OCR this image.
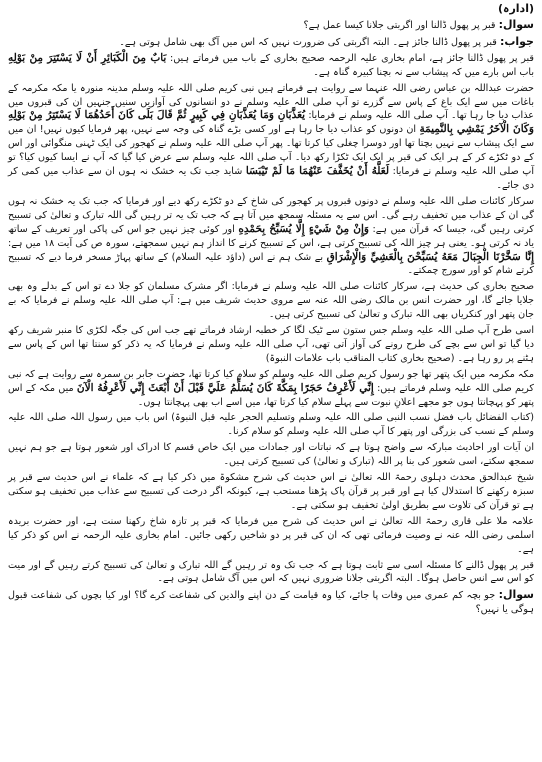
(ادارہ)

سوال: قبر پر پھول ڈالنا اور اگربتی جلانا کیسا عمل ہے؟

جواب: قبر پر پھول ڈالنا جائز ہے۔ البتہ اگربتی کی ضرورت نہیں کہ اس میں آگ بھی شامل ہوتی ہے۔

قبر پر پھول ڈالنا جائز ہے، امام بخاری علیہ الرحمہ صحیح بخاری کے باب میں فرماتے ہیں: بَابٌ مِنَ الْكَبَائِرِ أَنْ لَا يَسْتَتِرَ مِنْ بَوْلِهِ باب اس بارے میں کہ پیشاب سے نہ بچنا کبیرہ گناہ ہے۔

حضرت عبداللہ بن عباس رضی اللہ عنہما سے روایت ہے فرماتے ہیں نبی کریم صلی اللہ علیہ وسلم مدینہ منورہ یا مکہ مکرمہ کے باغات میں سے ایک باغ کے پاس سے گزرے تو آپ صلی اللہ علیہ وسلم نے دو انسانوں کی آوازیں سنیں جنہیں ان کی قبروں میں عذاب دیا جا رہا تھا۔ آپ صلی اللہ علیہ وسلم نے فرمایا: يُعَذَّبَانِ وَمَا يُعَذَّبَانِ فِي كَبِيرٍ ثُمَّ قَالَ بَلَى كَانَ أَحَدُهُمَا لَا يَسْتَتِرُ مِنْ بَوْلِهِ وَكَانَ الْآخَرُ يَمْشِي بِالنَّمِيمَةِ ان دونوں کو عذاب دیا جا رہا ہے اور کسی بڑے گناہ کی وجہ سے نہیں، پھر فرمایا کیوں نہیں! ان میں سے ایک پیشاب سے نہیں بچتا تھا اور دوسرا چغلی کیا کرتا تھا۔ پھر آپ صلی اللہ علیہ وسلم نے کھجور کی ایک ٹہنی منگوائی اور اس کے دو ٹکڑے کر کے ہر ایک کی قبر پر ایک ایک ٹکڑا رکھ دیا۔ آپ صلی اللہ علیہ وسلم سے عرض کیا گیا کہ آپ نے ایسا کیوں کیا؟ تو آپ صلی اللہ علیہ وسلم نے فرمایا: لَعَلَّهُ أَنْ يُخَفَّفَ عَنْهُمَا مَا لَمْ تَيْبَسَا شاید جب تک یہ خشک نہ ہوں ان سے عذاب میں کمی کر دی جائے۔

سرکار کائنات صلی اللہ علیہ وسلم نے دونوں قبروں پر کھجور کی شاخ کے دو ٹکڑے رکھ دیے اور فرمایا کہ جب تک یہ خشک نہ ہوں گی ان کے عذاب میں تخفیف رہے گی۔ اس سے یہ مسئلہ سمجھ میں آتا ہے کہ جب تک یہ تر رہیں گی اللہ تبارک و تعالیٰ کی تسبیح کرتی رہیں گی، جیسا کہ قرآن میں ہے: وَإِنْ مِنْ شَيْءٍ إِلَّا يُسَبِّحُ بِحَمْدِهِ اور کوئی چیز نہیں جو اس کی پاکی اور تعریف کے ساتھ یاد نہ کرتی ہو۔ یعنی ہر چیز اللہ کی تسبیح کرتی ہے، اس کے تسبیح کرنے کا انداز ہم نہیں سمجھتے، سورہ ص کی آیت ۱۸ میں ہے: إِنَّا سَخَّرْنَا الْجِبَالَ مَعَهُ يُسَبِّحْنَ بِالْعَشِيِّ وَالْإِشْرَاقِ بے شک ہم نے اس (داؤد علیہ السلام) کے ساتھ پہاڑ مسخر فرما دیے کہ تسبیح کرتے شام کو اور سورج چمکتے۔

صحیح بخاری کی حدیث ہے، سرکار کائنات صلی اللہ علیہ وسلم نے فرمایا: اگر مشرک مسلمان کو جلا دے تو اس کے بدلے وہ بھی جلایا جائے گا، اور حضرت انس بن مالک رضی اللہ عنہ سے مروی حدیث شریف میں ہے: آپ صلی اللہ علیہ وسلم نے فرمایا کہ بے جان پتھر اور کنکریاں بھی اللہ تبارک و تعالیٰ کی تسبیح کرتی ہیں۔

اسی طرح آپ صلی اللہ علیہ وسلم جس ستون سے ٹیک لگا کر خطبہ ارشاد فرماتے تھے جب اس کی جگہ لکڑی کا منبر شریف رکھ دیا گیا تو اس سے بچے کی طرح رونے کی آواز آتی تھی، آپ صلی اللہ علیہ وسلم نے فرمایا کہ یہ ذکر کو سنتا تھا اس کے پاس سے ہٹنے پر رو رہا ہے۔ (صحیح بخاری کتاب المناقب باب علامات النبوۃ)

مکہ مکرمہ میں ایک پتھر تھا جو رسول کریم صلی اللہ علیہ وسلم کو سلام کیا کرتا تھا، حضرت جابر بن سمرہ سے روایت ہے کہ نبی کریم صلی اللہ علیہ وسلم فرماتے ہیں: إِنِّي لَأَعْرِفُ حَجَرًا بِمَكَّةَ كَانَ يُسَلِّمُ عَلَيَّ قَبْلَ أَنْ أُبْعَثَ إِنِّي لَأَعْرِفُهُ الْآنَ میں مکہ کے اس پتھر کو پہچانتا ہوں جو مجھے اعلانِ نبوت سے پہلے سلام کیا کرتا تھا، میں اسے اب بھی پہچانتا ہوں۔

(کتاب الفضائل باب فضل نسب النبی صلی اللہ علیہ وسلم وتسلیم الحجر علیہ قبل النبوۃ) اس باب میں رسول اللہ صلی اللہ علیہ وسلم کے نسب کی بزرگی اور پتھر کا آپ صلی اللہ علیہ وسلم کو سلام کرنا۔

ان آیات اور احادیث مبارکہ سے واضح ہوتا ہے کہ نباتات اور جمادات میں ایک خاص قسم کا ادراک اور شعور ہوتا ہے جو ہم نہیں سمجھ سکتے، اسی شعور کی بنا پر اللہ (تبارک و تعالیٰ) کی تسبیح کرتی ہیں۔

شیخ عبدالحق محدث دہلوی رحمۃ اللہ تعالیٰ نے اس حدیث کی شرح مشکوۃ میں ذکر کیا ہے کہ علماء نے اس حدیث سے قبر پر سبزہ رکھنے کا استدلال کیا ہے اور قبر پر قرآن پاک پڑھنا مستحب ہے، کیونکہ اگر درخت کی تسبیح سے عذاب میں تخفیف ہو سکتی ہے تو قرآن کی تلاوت سے بطریق اولیٰ تخفیف ہو سکتی ہے۔

علامہ ملا علی قاری رحمۃ اللہ تعالیٰ نے اس حدیث کی شرح میں فرمایا کہ قبر پر تازہ شاخ رکھنا سنت ہے، اور حضرت بریدہ اسلمی رضی اللہ عنہ نے وصیت فرمائی تھی کہ ان کی قبر پر دو شاخیں رکھی جائیں۔ امام بخاری علیہ الرحمہ نے اس کو ذکر کیا ہے۔

قبر پر پھول ڈالنے کا مسئلہ اسی سے ثابت ہوتا ہے کہ جب تک وہ تر رہیں گے اللہ تبارک و تعالیٰ کی تسبیح کرتے رہیں گے اور میت کو اس سے انس حاصل ہوگا۔ البتہ اگربتی جلانا ضروری نہیں کہ اس میں آگ شامل ہوتی ہے۔

سوال: جو بچہ کم عمری میں وفات پا جائے، کیا وہ قیامت کے دن اپنے والدین کی شفاعت کرے گا؟ اور کیا بچوں کی شفاعت قبول ہوگی یا نہیں؟
